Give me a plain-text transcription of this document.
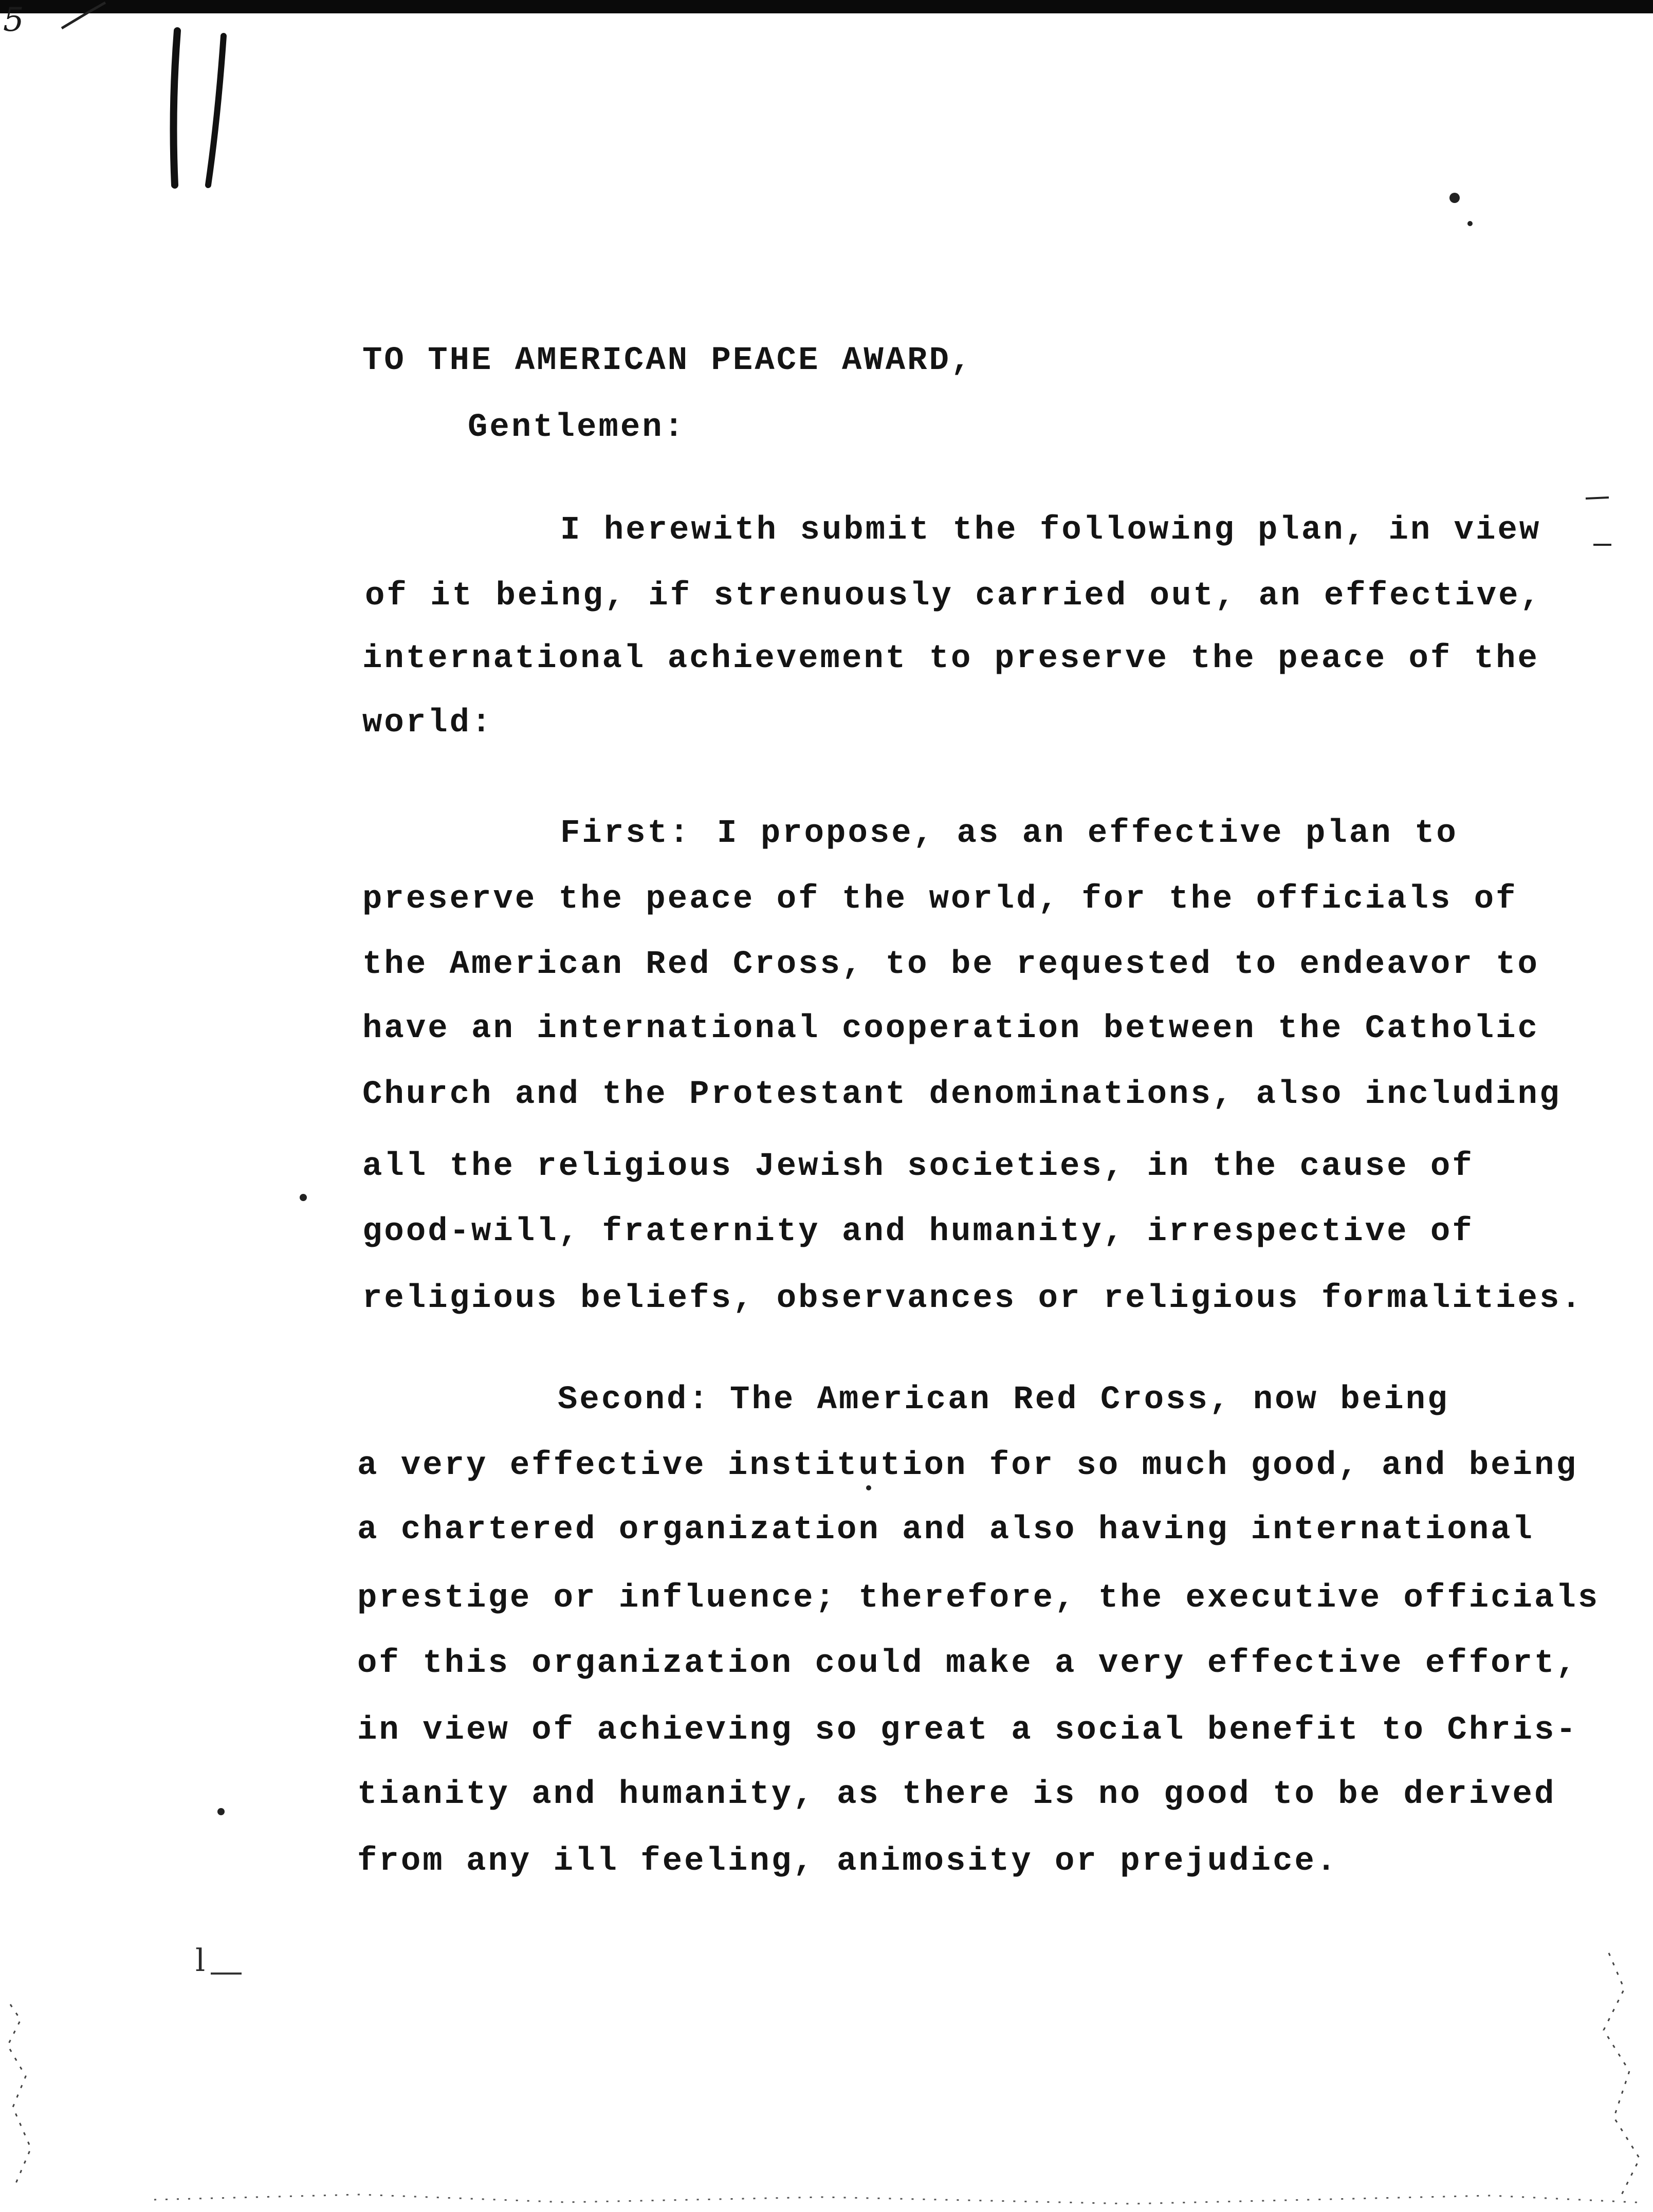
5
TO THE AMERICAN PEACE AWARD,
Gentlemen:
I herewith submit the following plan, in view
of it being, if strenuously carried out, an effective,
international achievement to preserve the peace of the
world:
First: I propose, as an effective plan to
preserve the peace of the world, for the officials of
the American Red Cross, to be requested to endeavor to
have an international cooperation between the Catholic
Church and the Protestant denominations, also including
all the religious Jewish societies, in the cause of
good-will, fraternity and humanity, irrespective of
religious beliefs, observances or religious formalities.
Second: The American Red Cross, now being
a very effective institution for so much good, and being
a chartered organization and also having international
prestige or influence; therefore, the executive officials
of this organization could make a very effective effort,
in view of achieving so great a social benefit to Chris-
tianity and humanity, as there is no good to be derived
from any ill feeling, animosity or prejudice.
l
